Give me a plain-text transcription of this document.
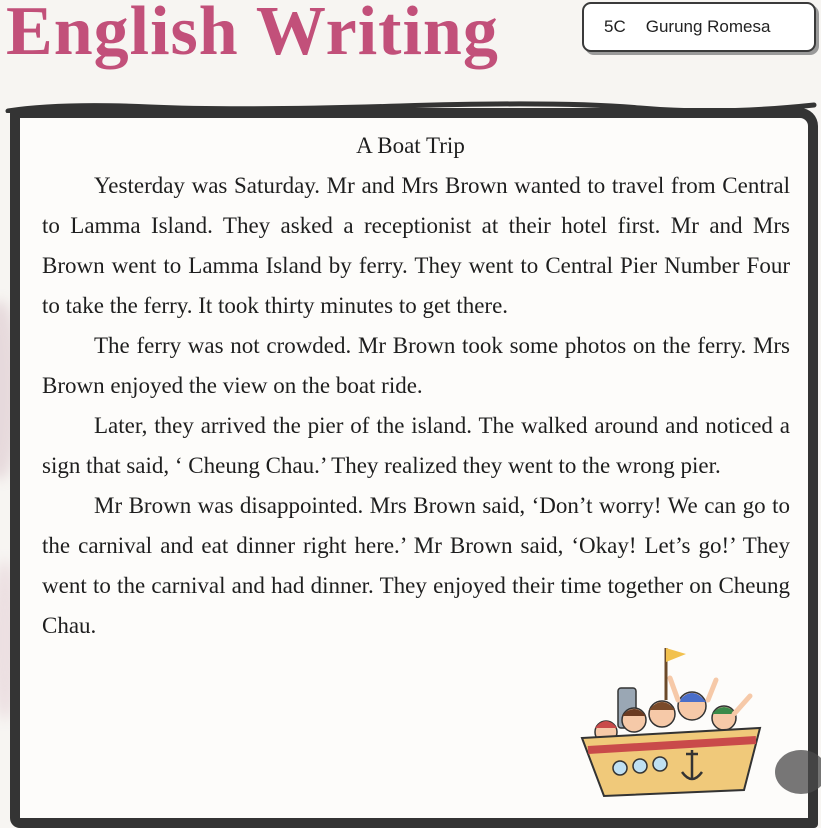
English Writing	5C Gurung Romesa
A Boat Trip

Yesterday was Saturday. Mr and Mrs Brown wanted to travel from Central to Lamma Island. They asked a receptionist at their hotel first. Mr and Mrs Brown went to Lamma Island by ferry. They went to Central Pier Number Four to take the ferry. It took thirty minutes to get there.

The ferry was not crowded. Mr Brown took some photos on the ferry. Mrs Brown enjoyed the view on the boat ride.

Later, they arrived the pier of the island. The walked around and noticed a sign that said, ‘ Cheung Chau.’ They realized they went to the wrong pier.

Mr Brown was disappointed. Mrs Brown said, ‘Don’t worry! We can go to the carnival and eat dinner right here.’ Mr Brown said, ‘Okay! Let’s go!’ They went to the carnival and had dinner. They enjoyed their time together on Cheung Chau.
